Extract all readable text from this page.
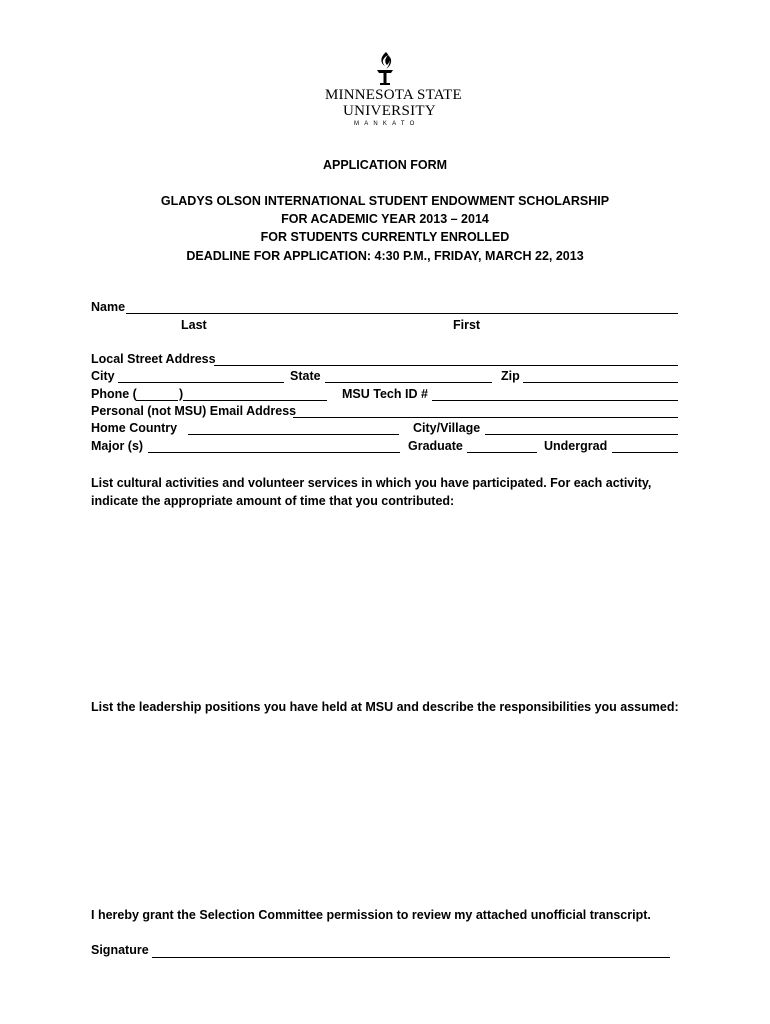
MINNESOTA STATE
UNIVERSITY
MANKATO
APPLICATION FORM
GLADYS OLSON INTERNATIONAL STUDENT ENDOWMENT SCHOLARSHIP
FOR ACADEMIC YEAR 2013 – 2014
FOR STUDENTS CURRENTLY ENROLLED
DEADLINE FOR APPLICATION: 4:30 P.M., FRIDAY, MARCH 22, 2013
Name
Last	First
Local Street Address
City	State	Zip
Phone (	)	MSU Tech ID #
Personal (not MSU) Email Address
Home Country	City/Village
Major (s)	Graduate	Undergrad
List cultural activities and volunteer services in which you have participated. For each activity, indicate the appropriate amount of time that you contributed:
List the leadership positions you have held at MSU and describe the responsibilities you assumed:
I hereby grant the Selection Committee permission to review my attached unofficial transcript.
Signature
